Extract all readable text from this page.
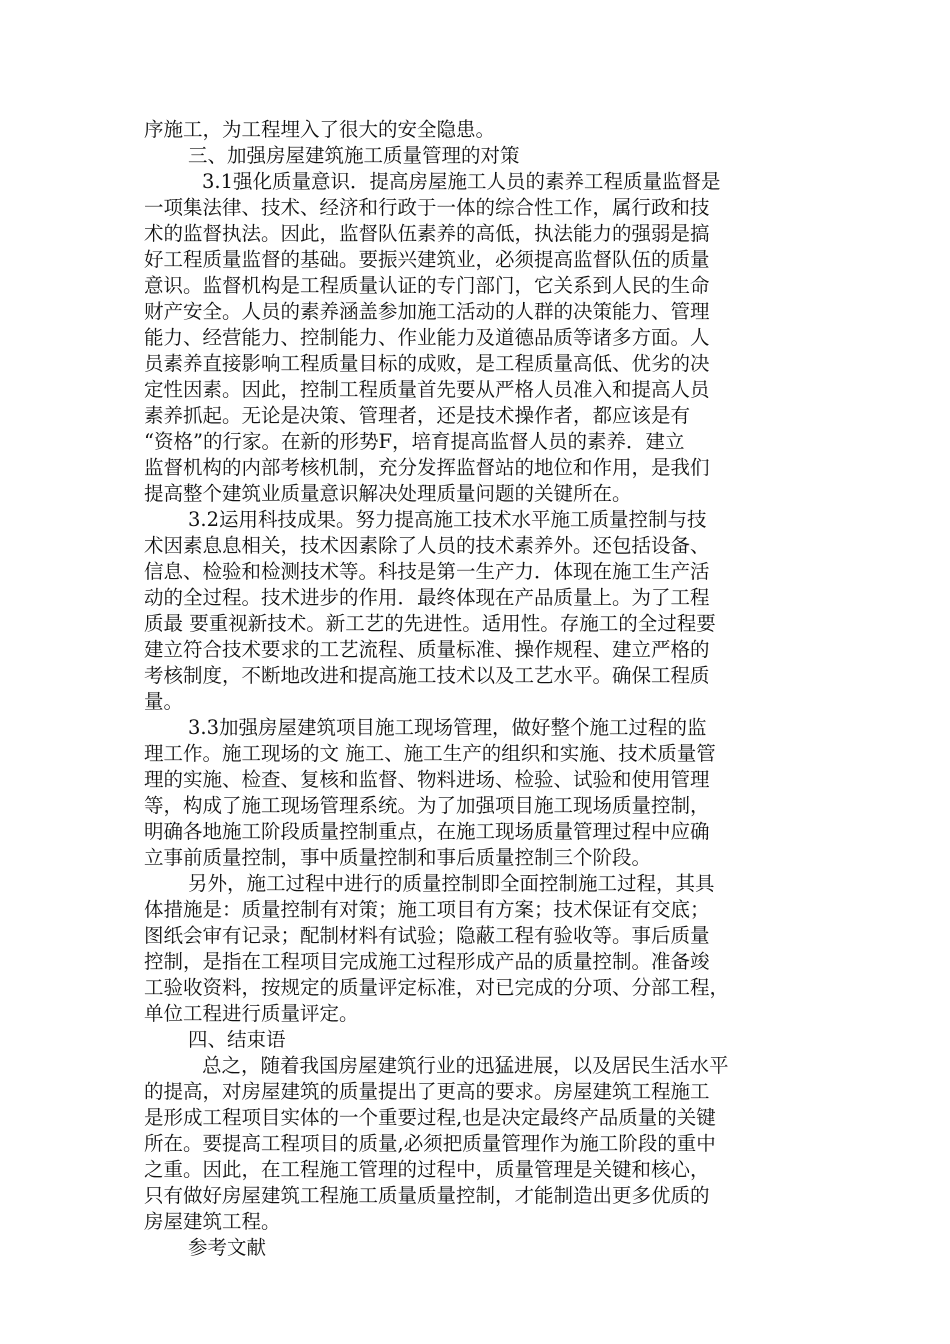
序施工，为工程埋入了很大的安全隐患。
三、加强房屋建筑施工质量管理的对策
3.1强化质量意识．提高房屋施工人员的素养工程质量监督是
一项集法律、技术、经济和行政于一体的综合性工作，属行政和技
术的监督执法。因此，监督队伍素养的高低，执法能力的强弱是搞
好工程质量监督的基础。要振兴建筑业，必须提高监督队伍的质量
意识。监督机构是工程质量认证的专门部门，它关系到人民的生命
财产安全。人员的素养涵盖参加施工活动的人群的决策能力、管理
能力、经营能力、控制能力、作业能力及道德品质等诸多方面。人
员素养直接影响工程质量目标的成败，是工程质量高低、优劣的决
定性因素。因此，控制工程质量首先要从严格人员准入和提高人员
素养抓起。无论是决策、管理者，还是技术操作者，都应该是有
“资格”的行家。在新的形势F，培育提高监督人员的素养．建立
监督机构的内部考核机制，充分发挥监督站的地位和作用，是我们
提高整个建筑业质量意识解决处理质量问题的关键所在。
3.2运用科技成果。努力提高施工技术水平施工质量控制与技
术因素息息相关，技术因素除了人员的技术素养外。还包括设备、
信息、检验和检测技术等。科技是第一生产力．体现在施工生产活
动的全过程。技术进步的作用．最终体现在产品质量上。为了工程
质最 要重视新技术。新工艺的先进性。适用性。存施工的全过程要
建立符合技术要求的工艺流程、质量标准、操作规程、建立严格的
考核制度，不断地改进和提高施工技术以及工艺水平。确保工程质
量。
3.3加强房屋建筑项目施工现场管理，做好整个施工过程的监
理工作。施工现场的文 施工、施工生产的组织和实施、技术质量管
理的实施、检查、复核和监督、物料进场、检验、试验和使用管理
等，构成了施工现场管理系统。为了加强项目施工现场质量控制，
明确各地施工阶段质量控制重点，在施工现场质量管理过程中应确
立事前质量控制，事中质量控制和事后质量控制三个阶段。
另外，施工过程中进行的质量控制即全面控制施工过程，其具
体措施是：质量控制有对策；施工项目有方案；技术保证有交底；
图纸会审有记录；配制材料有试验；隐蔽工程有验收等。事后质量
控制，是指在工程项目完成施工过程形成产品的质量控制。准备竣
工验收资料，按规定的质量评定标准，对已完成的分项、分部工程，
单位工程进行质量评定。
四、结束语
总之，随着我国房屋建筑行业的迅猛进展，以及居民生活水平
的提高，对房屋建筑的质量提出了更高的要求。房屋建筑工程施工
是形成工程项目实体的一个重要过程,也是决定最终产品质量的关键
所在。要提高工程项目的质量,必须把质量管理作为施工阶段的重中
之重。因此，在工程施工管理的过程中，质量管理是关键和核心，
只有做好房屋建筑工程施工质量质量控制，才能制造出更多优质的
房屋建筑工程。
参考文献
